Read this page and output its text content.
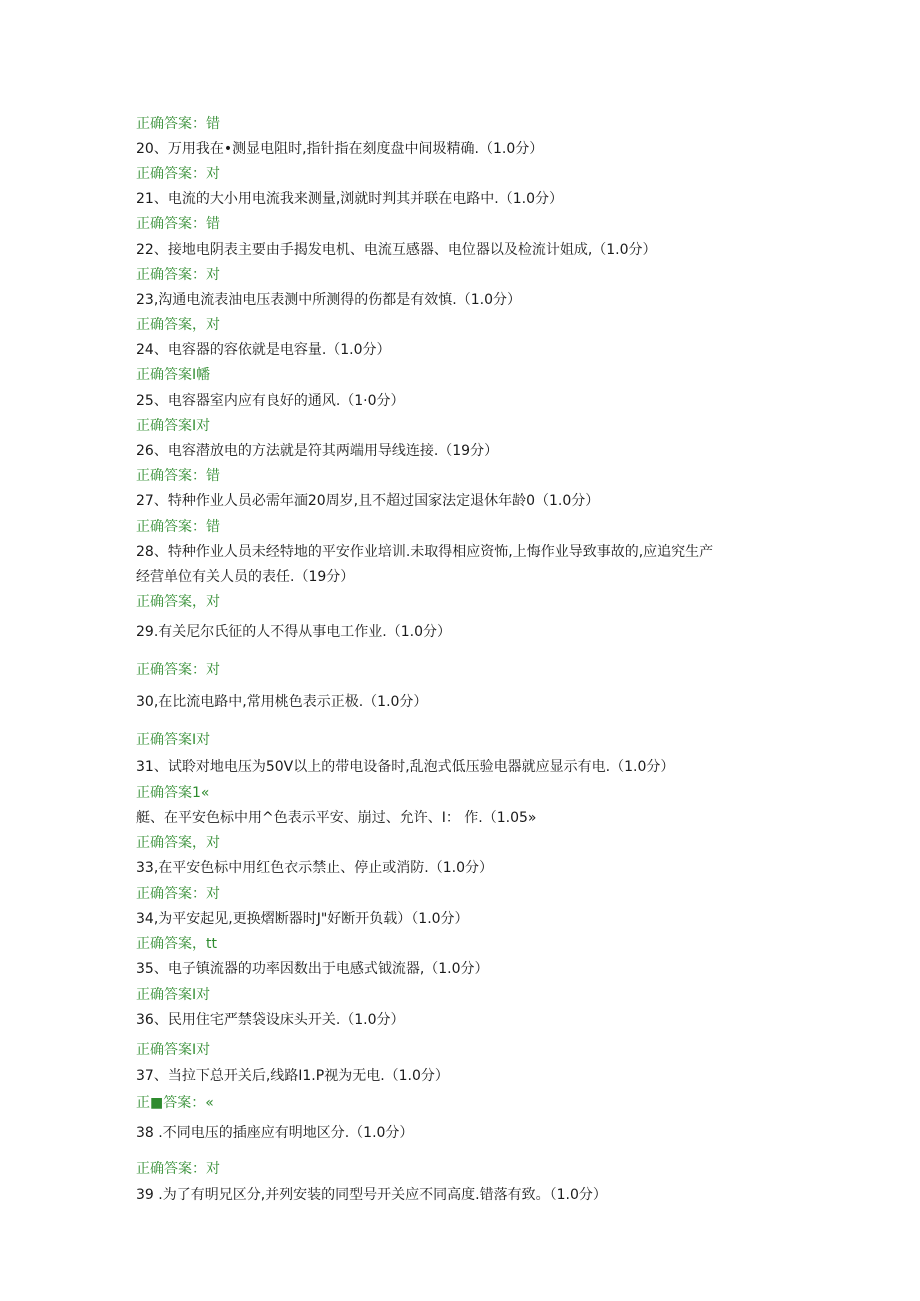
正确答案：错
20、万用我在•测显电阻时,指针指在刻度盘中间圾精确.（1.0分）
正确答案：对
21、电流的大小用电流我来测量,浏就时判其并联在电路中.（1.0分）
正确答案：错
22、接地电阴表主要由手揭发电机、电流互感器、电位器以及检流计姐成,（1.0分）
正确答案：对
23,沟通电流表油电压表测中所测得的伤都是有效慎.（1.0分）
正确答案，对
24、电容器的容依就是电容量.（1.0分）
正确答案I幡
25、电容器室内应有良好的通风.（1·0分）
正确答案I对
26、电容潜放电的方法就是符其两端用导线连接.（19分）
正确答案：错
27、特种作业人员必需年湎20周岁,且不超过国家法定退休年龄0（1.0分）
正确答案：错
28、特种作业人员未经特地的平安作业培训.未取得相应资怖,上悔作业导致事故的,应追究生产
经营单位有关人员的表任.（19分）
正确答案，对
29.有关尼尔氏征的人不得从事电工作业.（1.0分）
正确答案：对
30,在比流电路中,常用桃色表示正极.（1.0分）
正确答案I对
31、试聆对地电压为50V以上的带电设备时,乱泡式低压验电器就应显示有电.（1.0分）
正确答案1«
艇、在平安色标中用^色表示平安、崩过、允许、I： 作.（1.05»
正确答案，对
33,在平安色标中用红色衣示禁止、停止或消防.（1.0分）
正确答案：对
34,为平安起见,更换熠断器时J"好断开负载）（1.0分）
正确答案，tt
35、电子镇流器的功率因数出于电感式钺流器,（1.0分）
正确答案I对
36、民用住宅严禁袋设床头开关.（1.0分）
正确答案I对
37、当拉下总开关后,线路I1.P视为无电.（1.0分）
正■答案：«
38 .不同电压的插座应有明地区分.（1.0分）
正确答案：对
39 .为了有明兄区分,并列安装的同型号开关应不同高度.错落有致。（1.0分）
